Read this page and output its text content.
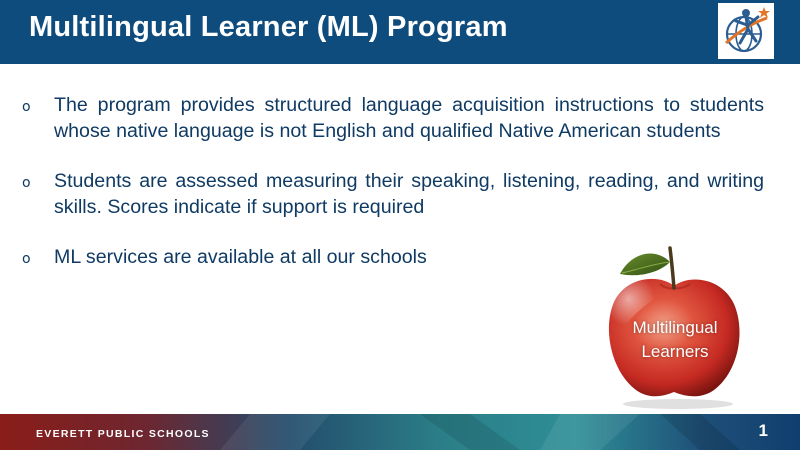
Multilingual Learner (ML) Program
o The program provides structured language acquisition instructions to students whose native language is not English and qualified Native American students
o Students are assessed measuring their speaking, listening, reading, and writing skills. Scores indicate if support is required
o ML services are available at all our schools
Multilingual Learners
EVERETT PUBLIC SCHOOLS	1
